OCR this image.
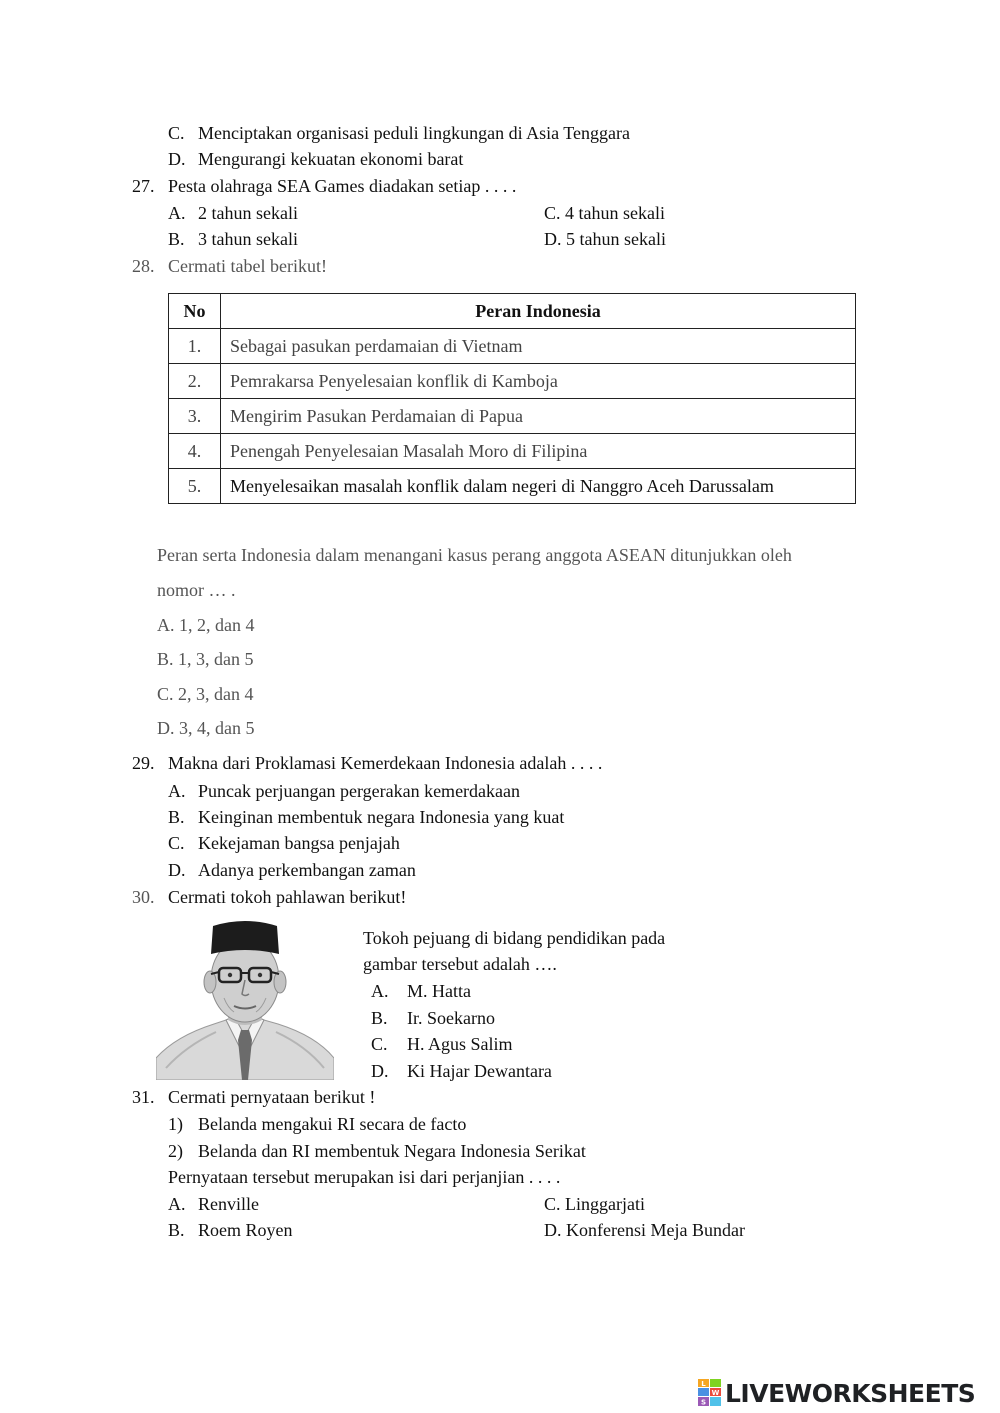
C. Menciptakan organisasi peduli lingkungan di Asia Tenggara
D. Mengurangi kekuatan ekonomi barat
27. Pesta olahraga SEA Games diadakan setiap . . . .
A. 2 tahun sekali
B. 3 tahun sekali
C. 4 tahun sekali
D. 5 tahun sekali
28. Cermati tabel berikut!
No	Peran Indonesia
1.	Sebagai pasukan perdamaian di Vietnam
2.	Pemrakarsa Penyelesaian konflik di Kamboja
3.	Mengirim Pasukan Perdamaian di Papua
4.	Penengah Penyelesaian Masalah Moro di Filipina
5.	Menyelesaikan masalah konflik dalam negeri di Nanggro Aceh Darussalam
Peran serta Indonesia dalam menangani kasus perang anggota ASEAN ditunjukkan oleh
nomor … .
A. 1, 2, dan 4
B. 1, 3, dan 5
C. 2, 3, dan 4
D. 3, 4, dan 5
29. Makna dari Proklamasi Kemerdekaan Indonesia adalah . . . .
A. Puncak perjuangan pergerakan kemerdakaan
B. Keinginan membentuk negara Indonesia yang kuat
C. Kekejaman bangsa penjajah
D. Adanya perkembangan zaman
30. Cermati tokoh pahlawan berikut!
Tokoh pejuang di bidang pendidikan pada
gambar tersebut adalah ….
A. M. Hatta
B. Ir. Soekarno
C. H. Agus Salim
D. Ki Hajar Dewantara
31. Cermati pernyataan berikut !
1) Belanda mengakui RI secara de facto
2) Belanda dan RI membentuk Negara Indonesia Serikat
Pernyataan tersebut merupakan isi dari perjanjian . . . .
A. Renville
B. Roem Royen
C. Linggarjati
D. Konferensi Meja Bundar
L
W
S LIVEWORKSHEETS
